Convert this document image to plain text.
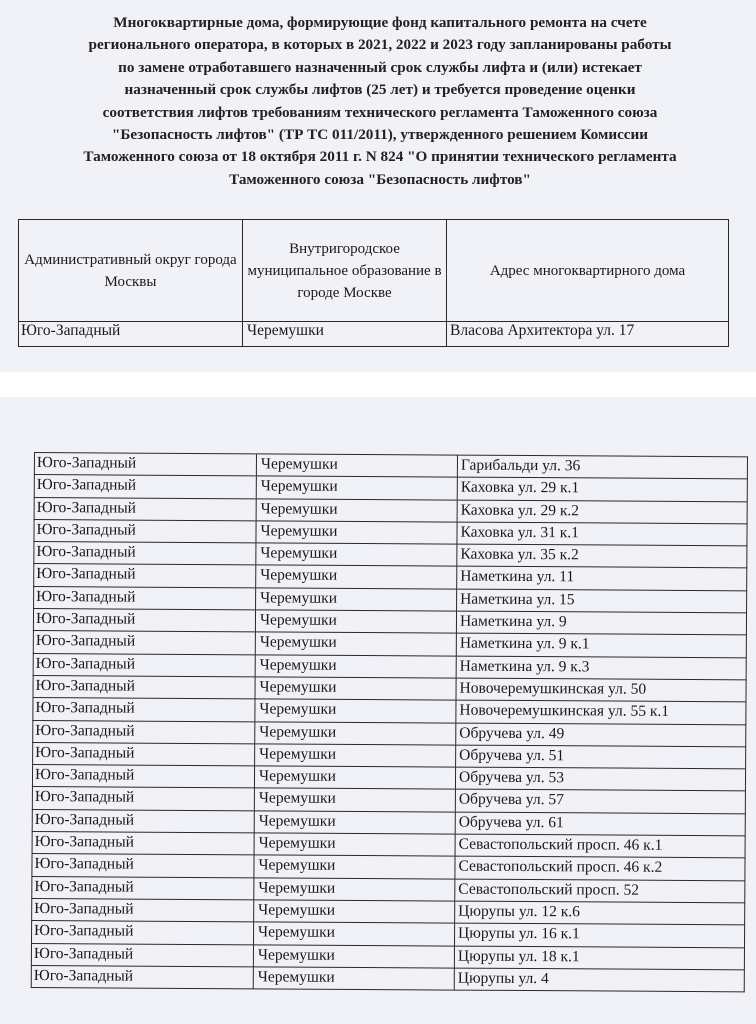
Многоквартирные дома, формирующие фонд капитального ремонта на счете
регионального оператора, в которых в 2021, 2022 и 2023 году запланированы работы
по замене отработавшего назначенный срок службы лифта и (или) истекает
назначенный срок службы лифтов (25 лет) и требуется проведение оценки
соответствия лифтов требованиям технического регламента Таможенного союза
"Безопасность лифтов" (ТР ТС 011/2011), утвержденного решением Комиссии
Таможенного союза от 18 октября 2011 г. N 824 "О принятии технического регламента
Таможенного союза "Безопасность лифтов"
Административный округ города Москвы	Внутригородское муниципальное образование в городе Москве	Адрес многоквартирного дома
Юго-Западный	Черемушки	Власова Архитектора ул. 17
Юго-Западный	Черемушки	Гарибальди ул. 36
Юго-Западный	Черемушки	Каховка ул. 29 к.1
Юго-Западный	Черемушки	Каховка ул. 29 к.2
Юго-Западный	Черемушки	Каховка ул. 31 к.1
Юго-Западный	Черемушки	Каховка ул. 35 к.2
Юго-Западный	Черемушки	Наметкина ул. 11
Юго-Западный	Черемушки	Наметкина ул. 15
Юго-Западный	Черемушки	Наметкина ул. 9
Юго-Западный	Черемушки	Наметкина ул. 9 к.1
Юго-Западный	Черемушки	Наметкина ул. 9 к.3
Юго-Западный	Черемушки	Новочеремушкинская ул. 50
Юго-Западный	Черемушки	Новочеремушкинская ул. 55 к.1
Юго-Западный	Черемушки	Обручева ул. 49
Юго-Западный	Черемушки	Обручева ул. 51
Юго-Западный	Черемушки	Обручева ул. 53
Юго-Западный	Черемушки	Обручева ул. 57
Юго-Западный	Черемушки	Обручева ул. 61
Юго-Западный	Черемушки	Севастопольский просп. 46 к.1
Юго-Западный	Черемушки	Севастопольский просп. 46 к.2
Юго-Западный	Черемушки	Севастопольский просп. 52
Юго-Западный	Черемушки	Цюрупы ул. 12 к.6
Юго-Западный	Черемушки	Цюрупы ул. 16 к.1
Юго-Западный	Черемушки	Цюрупы ул. 18 к.1
Юго-Западный	Черемушки	Цюрупы ул. 4
